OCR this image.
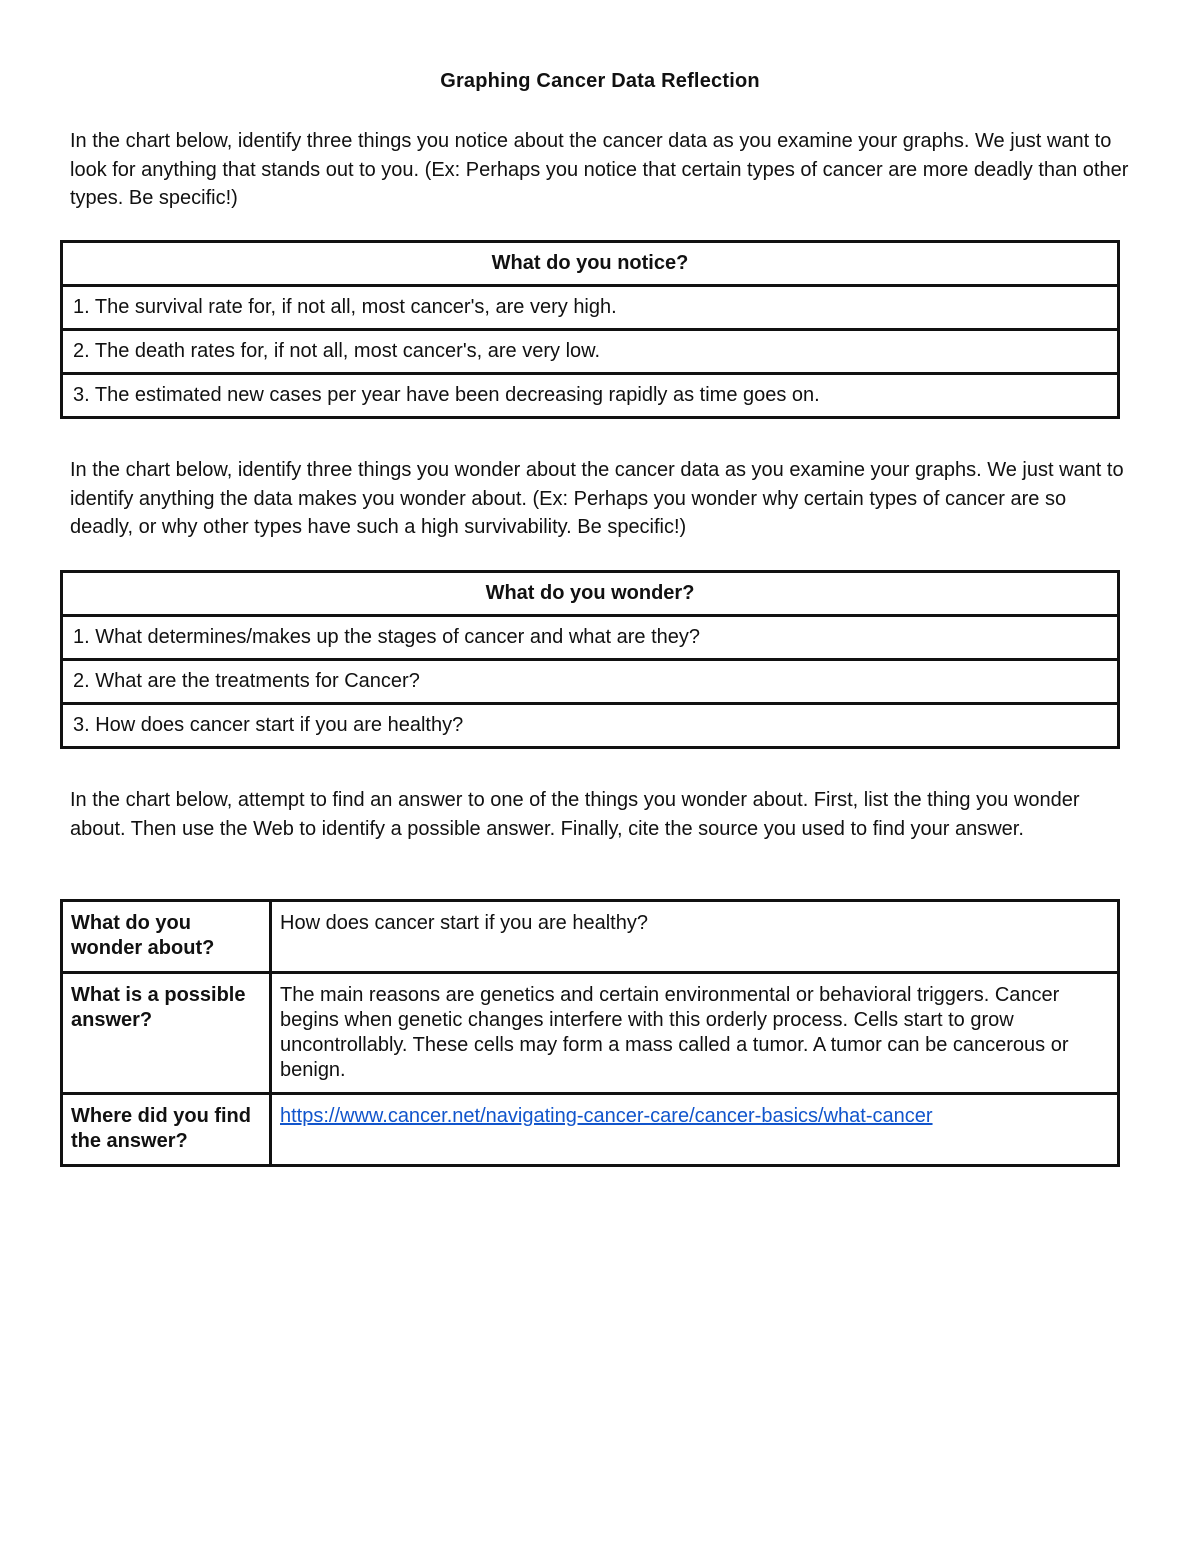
Graphing Cancer Data Reflection
In the chart below, identify three things you notice about the cancer data as you examine your graphs. We just want to look for anything that stands out to you. (Ex: Perhaps you notice that certain types of cancer are more deadly than other types. Be specific!)
What do you notice?
1. The survival rate for, if not all, most cancer's, are very high.
2. The death rates for, if not all, most cancer's, are very low.
3. The estimated new cases per year have been decreasing rapidly as time goes on.
In the chart below, identify three things you wonder about the cancer data as you examine your graphs. We just want to identify anything the data makes you wonder about. (Ex: Perhaps you wonder why certain types of cancer are so deadly, or why other types have such a high survivability. Be specific!)
What do you wonder?
1. What determines/makes up the stages of cancer and what are they?
2. What are the treatments for Cancer?
3. How does cancer start if you are healthy?
In the chart below, attempt to find an answer to one of the things you wonder about. First, list the thing you wonder about. Then use the Web to identify a possible answer. Finally, cite the source you used to find your answer.
What do you wonder about?	How does cancer start if you are healthy?
What is a possible answer?	The main reasons are genetics and certain environmental or behavioral triggers. Cancer begins when genetic changes interfere with this orderly process. Cells start to grow uncontrollably. These cells may form a mass called a tumor. A tumor can be cancerous or benign.
Where did you find the answer?	https://www.cancer.net/navigating-cancer-care/cancer-basics/what-cancer
